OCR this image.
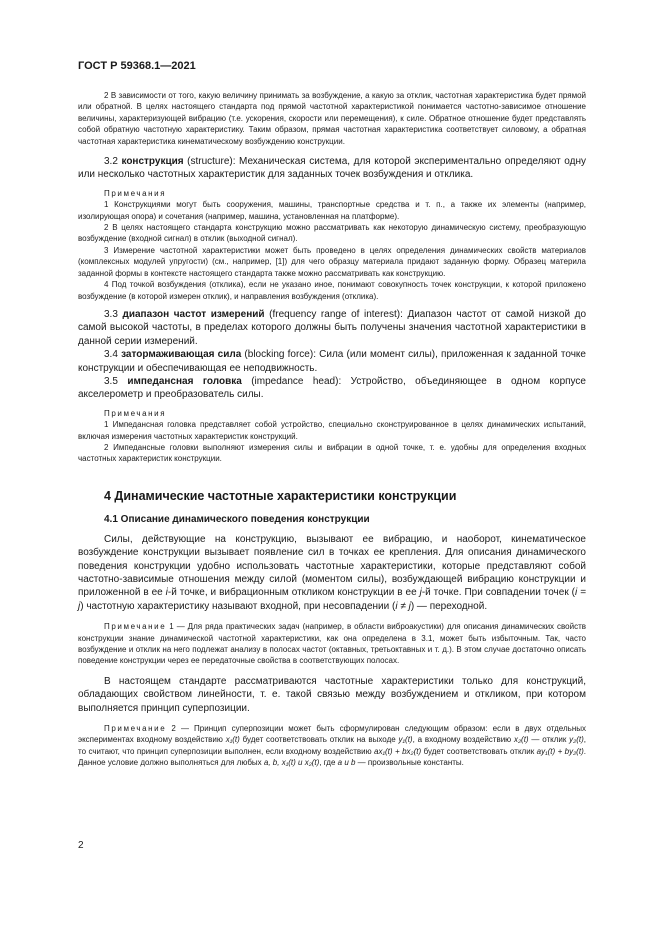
ГОСТ Р 59368.1—2021

2 В зависимости от того, какую величину принимать за возбуждение, а какую за отклик, частотная характеристика будет прямой или обратной. В целях настоящего стандарта под прямой частотной характеристикой понимается частотно-зависимое отношение величины, характеризующей вибрацию (т.е. ускорения, скорости или перемещения), к силе. Обратное отношение будет представлять собой обратную частотную характеристику. Таким образом, прямая частотная характеристика соответствует силовому, а обратная частотная характеристика кинематическому возбуждению конструкции.

3.2 конструкция (structure): Механическая система, для которой экспериментально определяют одну или несколько частотных характеристик для заданных точек возбуждения и отклика.

Примечания

1 Конструкциями могут быть сооружения, машины, транспортные средства и т. п., а также их элементы (например, изолирующая опора) и сочетания (например, машина, установленная на платформе).

2 В целях настоящего стандарта конструкцию можно рассматривать как некоторую динамическую систему, преобразующую возбуждение (входной сигнал) в отклик (выходной сигнал).

3 Измерение частотной характеристики может быть проведено в целях определения динамических свойств материалов (комплексных модулей упругости) (см., например, [1]) для чего образцу материала придают заданную форму. Образец материла заданной формы в контексте настоящего стандарта также можно рассматривать как конструкцию.

4 Под точкой возбуждения (отклика), если не указано иное, понимают совокупность точек конструкции, к которой приложено возбуждение (в которой измерен отклик), и направления возбуждения (отклика).

3.3 диапазон частот измерений (frequency range of interest): Диапазон частот от самой низкой до самой высокой частоты, в пределах которого должны быть получены значения частотной характеристики в данной серии измерений.

3.4 затормаживающая сила (blocking force): Сила (или момент силы), приложенная к заданной точке конструкции и обеспечивающая ее неподвижность.

3.5 импедансная головка (impedance head): Устройство, объединяющее в одном корпусе акселерометр и преобразователь силы.

Примечания

1 Импедансная головка представляет собой устройство, специально сконструированное в целях динамических испытаний, включая измерения частотных характеристик конструкций.

2 Импедансные головки выполняют измерения силы и вибрации в одной точке, т. е. удобны для определения входных частотных характеристик конструкции.

4 Динамические частотные характеристики конструкции
4.1 Описание динамического поведения конструкции

Силы, действующие на конструкцию, вызывают ее вибрацию, и наоборот, кинематическое возбуждение конструкции вызывает появление сил в точках ее крепления. Для описания динамического поведения конструкции удобно использовать частотные характеристики, которые представляют собой частотно-зависимые отношения между силой (моментом силы), возбуждающей вибрацию конструкции и приложенной в ее i-й точке, и вибрационным откликом конструкции в ее j-й точке. При совпадении точек (i = j) частотную характеристику называют входной, при несовпадении (i ≠ j) — переходной.

Примечание 1 — Для ряда практических задач (например, в области виброакустики) для описания динамических свойств конструкции знание динамической частотной характеристики, как она определена в 3.1, может быть избыточным. Так, часто возбуждение и отклик на него подлежат анализу в полосах частот (октавных, третьоктавных и т. д.). В этом случае достаточно описать поведение конструкции через ее передаточные свойства в соответствующих полосах.

В настоящем стандарте рассматриваются частотные характеристики только для конструкций, обладающих свойством линейности, т. е. такой связью между возбуждением и откликом, при котором выполняется принцип суперпозиции.

Примечание 2 — Принцип суперпозиции может быть сформулирован следующим образом: если в двух отдельных экспериментах входному воздействию x₁(t) будет соответствовать отклик на выходе y₁(t), а входному воздействию x₂(t) — отклик y₂(t), то считают, что принцип суперпозиции выполнен, если входному воздействию ax₁(t) + bx₂(t) будет соответствовать отклик ay₁(t) + by₂(t). Данное условие должно выполняться для любых a, b, x₁(t) и x₂(t), где a и b — произвольные константы.

2
